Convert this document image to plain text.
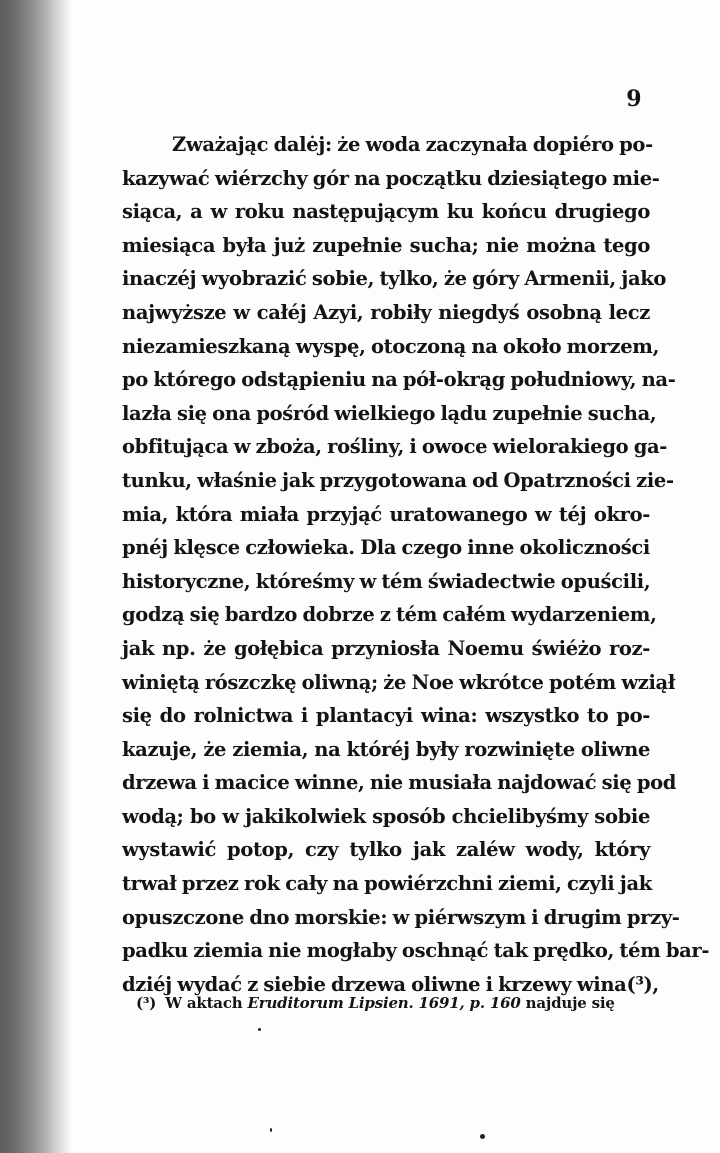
9
Zważając dalėj: że woda zaczynała dopiéro po-
kazywać wiérzchy gór na początku dziesiątego mie-
siąca, a w roku następującym ku końcu drugiego
miesiąca była już zupełnie sucha; nie można tego
inaczéj wyobrazić sobie, tylko, że góry Armenii, jako
najwyższe w całéj Azyi, robiły niegdyś osobną lecz
niezamieszkaną wyspę, otoczoną na około morzem,
po którego odstąpieniu na pół-okrąg południowy, na-
lazła się ona pośród wielkiego lądu zupełnie sucha,
obfitująca w zboża, rośliny, i owoce wielorakiego ga-
tunku, właśnie jak przygotowana od Opatrzności zie-
mia, która miała przyjąć uratowanego w téj okro-
pnéj klęsce człowieka. Dla czego inne okoliczności
historyczne, któreśmy w tém świadectwie opuścili,
godzą się bardzo dobrze z tém całém wydarzeniem,
jak np. że gołębica przyniosła Noemu świéżo roz-
winiętą rószczkę oliwną; że Noe wkrótce potém wziął
się do rolnictwa i plantacyi wina: wszystko to po-
kazuje, że ziemia, na któréj były rozwinięte oliwne
drzewa i macice winne, nie musiała najdować się pod
wodą; bo w jakikolwiek sposób chcielibyśmy sobie
wystawić potop, czy tylko jak zaléw wody, który
trwał przez rok cały na powiérzchni ziemi, czyli jak
opuszczone dno morskie: w piérwszym i drugim przy-
padku ziemia nie mogłaby oschnąć tak prędko, tém bar-
dziéj wydać z siebie drzewa oliwne i krzewy wina(³),
(³) W aktach Eruditorum Lipsien. 1691, p. 160 najduje się
